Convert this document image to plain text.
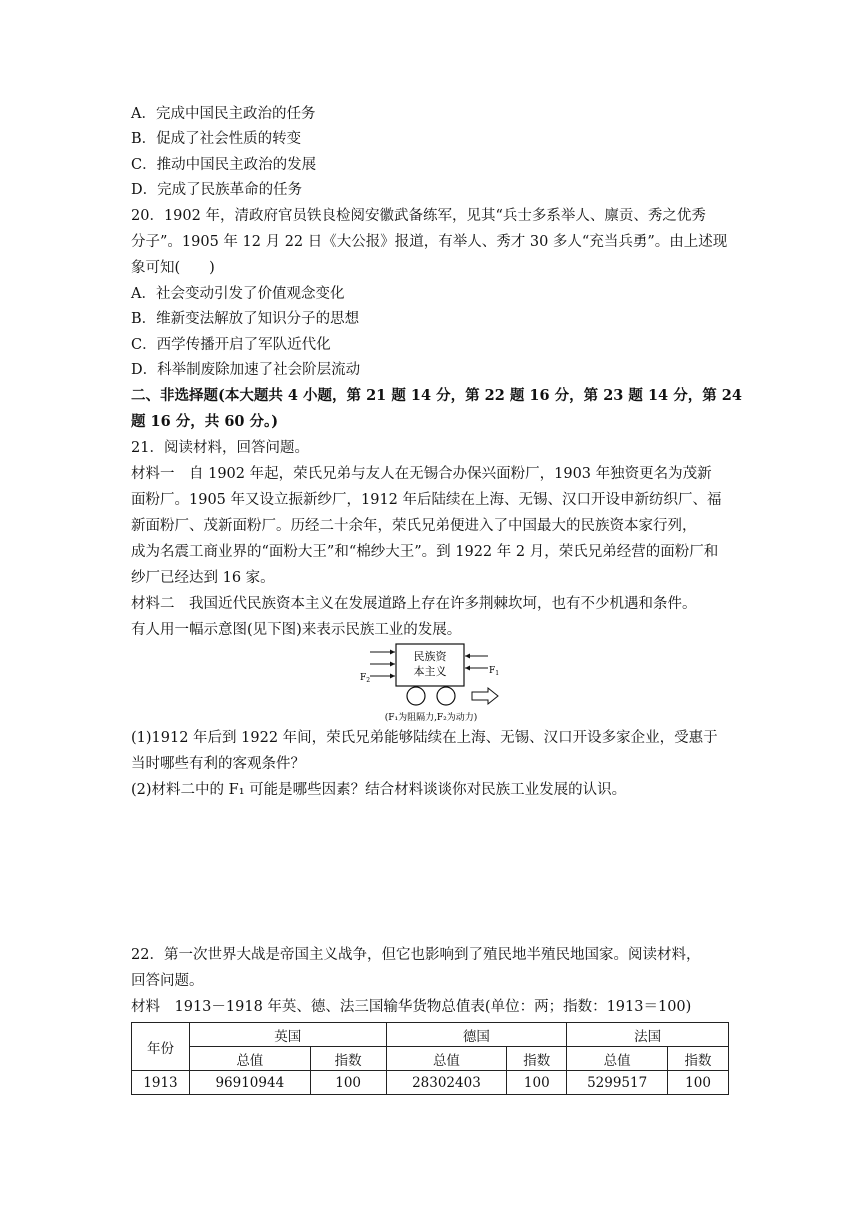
A．完成中国民主政治的任务
B．促成了社会性质的转变
C．推动中国民主政治的发展
D．完成了民族革命的任务
20．1902 年，清政府官员铁良检阅安徽武备练军，见其“兵士多系举人、廪贡、秀之优秀
分子”。1905 年 12 月 22 日《大公报》报道，有举人、秀才 30 多人“充当兵勇”。由上述现
象可知(　　)
A．社会变动引发了价值观念变化
B．维新变法解放了知识分子的思想
C．西学传播开启了军队近代化
D．科举制废除加速了社会阶层流动
二、非选择题(本大题共 4 小题，第 21 题 14 分，第 22 题 16 分，第 23 题 14 分，第 24
题 16 分，共 60 分。)
21．阅读材料，回答问题。
材料一　自 1902 年起，荣氏兄弟与友人在无锡合办保兴面粉厂，1903 年独资更名为茂新
面粉厂。1905 年又设立振新纱厂，1912 年后陆续在上海、无锡、汉口开设申新纺织厂、福
新面粉厂、茂新面粉厂。历经二十余年，荣氏兄弟便进入了中国最大的民族资本家行列，
成为名震工商业界的“面粉大王”和“棉纱大王”。到 1922 年 2 月，荣氏兄弟经营的面粉厂和
纱厂已经达到 16 家。
材料二　我国近代民族资本主义在发展道路上存在许多荆棘坎坷，也有不少机遇和条件。
有人用一幅示意图(见下图)来表示民族工业的发展。
民族资
本主义
$F_2$
$F_1$
(F₁为阻隔力,F₂为动力)
(1)1912 年后到 1922 年间，荣氏兄弟能够陆续在上海、无锡、汉口开设多家企业，受惠于
当时哪些有利的客观条件？
(2)材料二中的 F₁ 可能是哪些因素？结合材料谈谈你对民族工业发展的认识。
22．第一次世界大战是帝国主义战争，但它也影响到了殖民地半殖民地国家。阅读材料，
回答问题。
材料　1913－1918 年英、德、法三国输华货物总值表(单位：两；指数：1913＝100)
年份	英国		德国		法国	
	总值	指数	总值	指数	总值	指数
1913	96910944	100	28302403	100	5299517	100
